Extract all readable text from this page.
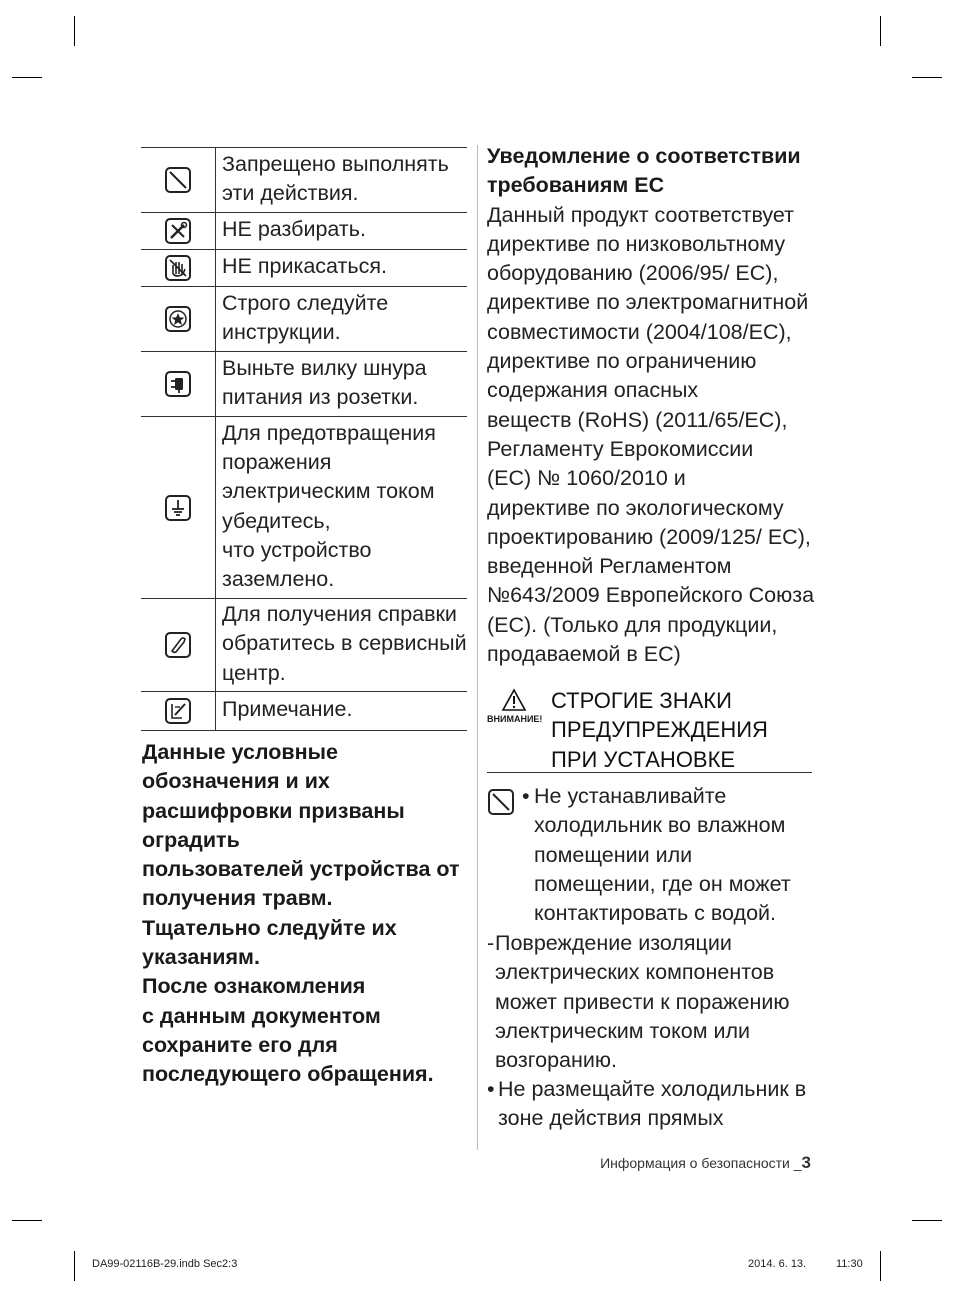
	Запрещено выполнять эти действия.

	НЕ разбирать.

	НЕ прикасаться.

	Строго следуйте инструкции.

	Выньте вилку шнура питания из розетки.

	Для предотвращения поражения электрическим током убедитесь,
что устройство заземлено.

	Для получения справки обратитесь в сервисный центр.

	Примечание.

Данные условные обозначения и их расшифровки призваны оградить
пользователей устройства от получения травм.
Тщательно следуйте их указаниям.
После ознакомления
с данным документом сохраните его для последующего обращения.

Уведомление о соответствии требованиям ЕС

Данный продукт соответствует директиве по низковольтному оборудованию (2006/95/ ЕС), директиве по электромагнитной совместимости (2004/108/ЕС), директиве по ограничению содержания опасных
веществ (RoHS) (2011/65/ЕС), Регламенту Еврокомиссии
(ЕС) № 1060/2010 и
директиве по экологическому проектированию (2009/125/ ЕС), введенной Регламентом №643/2009 Европейского Союза (ЕС). (Только для продукции, продаваемой в ЕС)

ВНИМАНИЕ!
СТРОГИЕ ЗНАКИ
ПРЕДУПРЕЖДЕНИЯ
ПРИ УСТАНОВКЕ
• Не устанавливайте холодильник во влажном помещении или помещении, где он может контактировать с водой.
- Повреждение изоляции электрических компонентов может привести к поражению электрическим током или возгоранию.
• Не размещайте холодильник в зоне действия прямых
Информация о безопасности _3
DA99-02116B-29.indb Sec2:3	2014. 6. 13.	11:30
